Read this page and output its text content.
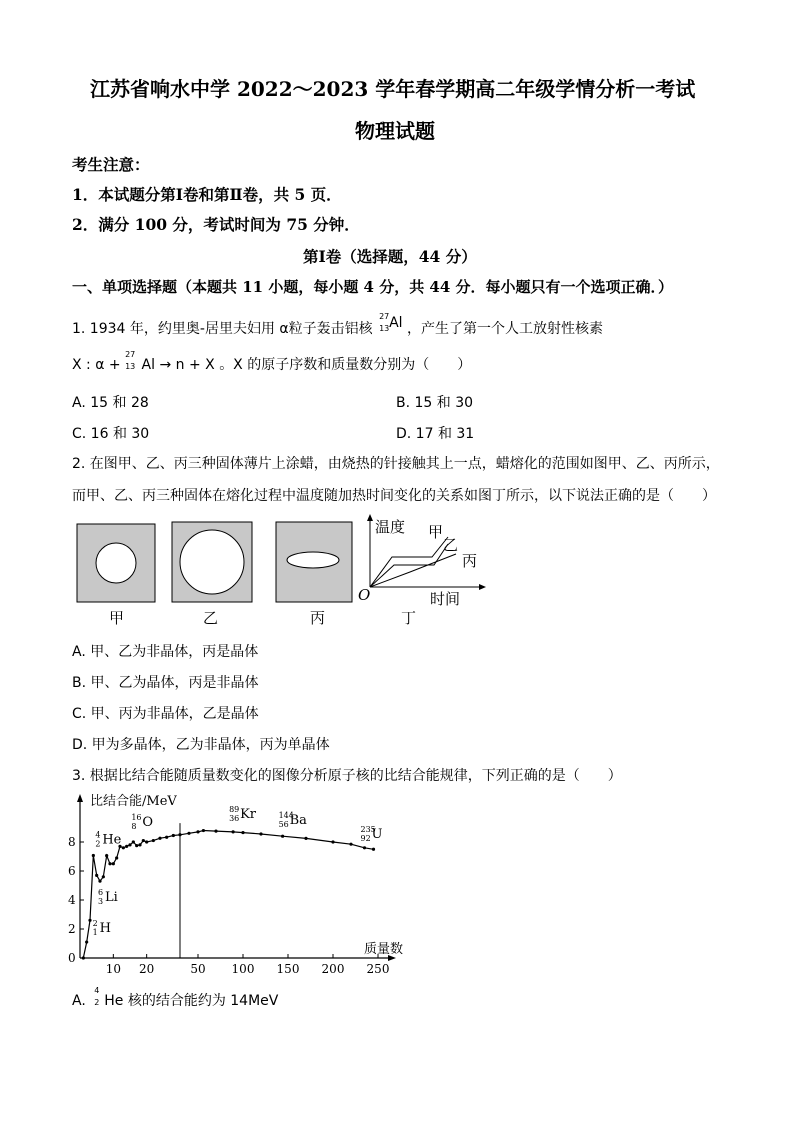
江苏省响水中学 2022～2023 学年春学期高二年级学情分析一考试
物理试题
考生注意：
1．本试题分第Ⅰ卷和第Ⅱ卷，共 5 页．
2．满分 100 分，考试时间为 75 分钟．
第Ⅰ卷（选择题，44 分）
一、单项选择题（本题共 11 小题，每小题 4 分，共 44 分．每小题只有一个选项正确．）
1. 1934 年，约里奥-居里夫妇用 α粒子轰击铝核
27
13 Al ，产生了第一个人工放射性核素
X : α +
27
13 Al → n + X 。X 的原子序数和质量数分别为（　　）
A. 15 和 28	B. 15 和 30
C. 16 和 30	D. 17 和 31
2. 在图甲、乙、丙三种固体薄片上涂蜡，由烧热的针接触其上一点，蜡熔化的范围如图甲、乙、丙所示，
而甲、乙、丙三种固体在熔化过程中温度随加热时间变化的关系如图丁所示，以下说法正确的是（　　）
温度 甲
乙
丙
O	时间
甲	乙	丙	丁
A. 甲、乙为非晶体，丙是晶体
B. 甲、乙为晶体，丙是非晶体
C. 甲、丙为非晶体，乙是晶体
D. 甲为多晶体，乙为非晶体，丙为单晶体
3. 根据比结合能随质量数变化的图像分析原子核的比结合能规律，下列正确的是（　　）
比结合能/MeV
质量数
0
2
4
6
8
10 20	50 100 150 200 250
2
1 H
4
2 He
6
3 Li
16
8 O
89
36 Kr	144
56 Ba
235
92 U
A.
4
2 He 核的结合能约为 14MeV
